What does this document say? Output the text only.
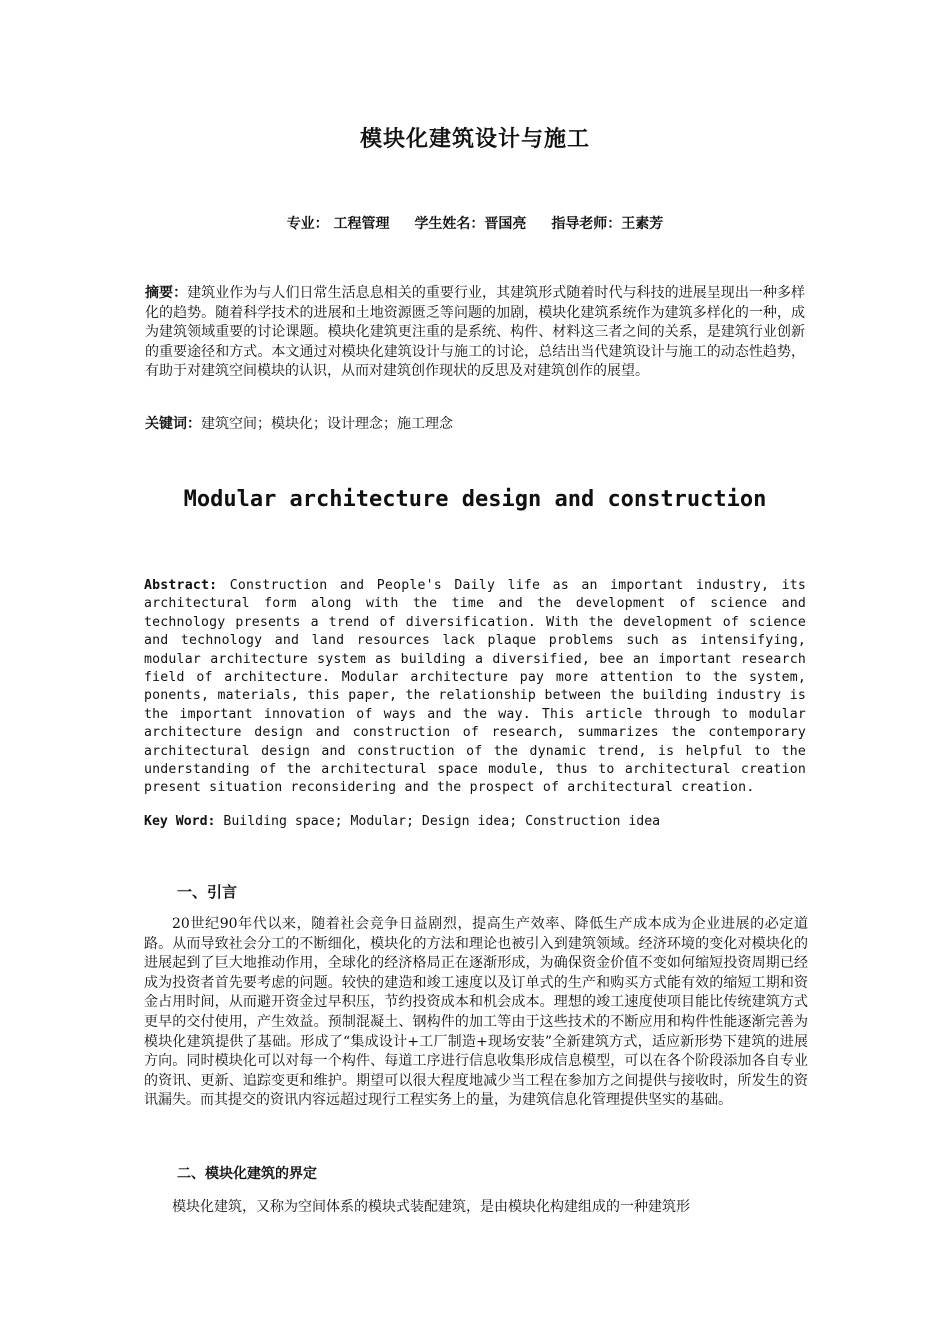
模块化建筑设计与施工
专业： 工程管理 学生姓名：晋国亮 指导老师：王素芳
摘要：建筑业作为与人们日常生活息息相关的重要行业，其建筑形式随着时代与科技的进展呈现出一种多样化的趋势。随着科学技术的进展和土地资源匮乏等问题的加剧，模块化建筑系统作为建筑多样化的一种，成为建筑领域重要的讨论课题。模块化建筑更注重的是系统、构件、材料这三者之间的关系，是建筑行业创新的重要途径和方式。本文通过对模块化建筑设计与施工的讨论，总结出当代建筑设计与施工的动态性趋势，有助于对建筑空间模块的认识，从而对建筑创作现状的反思及对建筑创作的展望。
关键词：建筑空间；模块化；设计理念；施工理念
Modular architecture design and construction
Abstract: Construction and People's Daily life as an important industry, its architectural form along with the time and the development of science and technology presents a trend of diversification. With the development of science and technology and land resources lack plaque problems such as intensifying, modular architecture system as building a diversified, bee an important research field of architecture. Modular architecture pay more attention to the system, ponents, materials, this paper, the relationship between the building industry is the important innovation of ways and the way. This article through to modular architecture design and construction of research, summarizes the contemporary architectural design and construction of the dynamic trend, is helpful to the understanding of the architectural space module, thus to architectural creation present situation reconsidering and the prospect of architectural creation.
Key Word: Building space; Modular; Design idea; Construction idea
一、引言
20世纪90年代以来，随着社会竞争日益剧烈，提高生产效率、降低生产成本成为企业进展的必定道路。从而导致社会分工的不断细化，模块化的方法和理论也被引入到建筑领域。经济环境的变化对模块化的进展起到了巨大地推动作用，全球化的经济格局正在逐渐形成，为确保资金价值不变如何缩短投资周期已经成为投资者首先要考虑的问题。较快的建造和竣工速度以及订单式的生产和购买方式能有效的缩短工期和资金占用时间，从而避开资金过早积压，节约投资成本和机会成本。理想的竣工速度使项目能比传统建筑方式更早的交付使用，产生效益。预制混凝土、钢构件的加工等由于这些技术的不断应用和构件性能逐渐完善为模块化建筑提供了基础。形成了“集成设计+工厂制造+现场安装”全新建筑方式，适应新形势下建筑的进展方向。同时模块化可以对每一个构件、每道工序进行信息收集形成信息模型，可以在各个阶段添加各自专业的资讯、更新、追踪变更和维护。期望可以很大程度地减少当工程在参加方之间提供与接收时，所发生的资讯漏失。而其提交的资讯内容远超过现行工程实务上的量，为建筑信息化管理提供坚实的基础。
二、模块化建筑的界定
模块化建筑，又称为空间体系的模块式装配建筑，是由模块化构建组成的一种建筑形
